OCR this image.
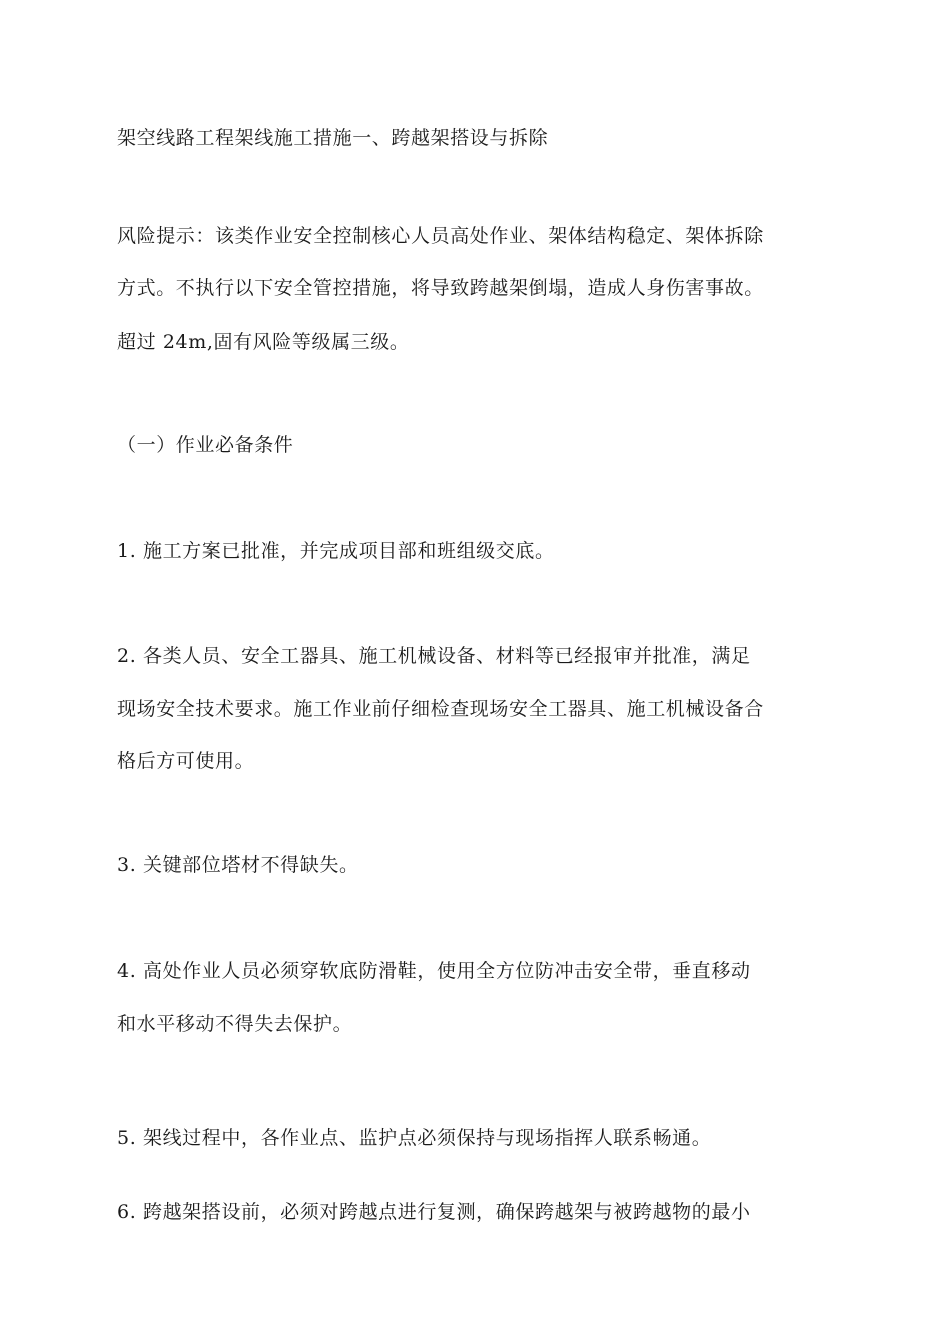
架空线路工程架线施工措施一、跨越架搭设与拆除
风险提示：该类作业安全控制核心人员高处作业、架体结构稳定、架体拆除
方式。不执行以下安全管控措施，将导致跨越架倒塌，造成人身伤害事故。
超过 24m,固有风险等级属三级。
（一）作业必备条件
1. 施工方案已批准，并完成项目部和班组级交底。
2. 各类人员、安全工器具、施工机械设备、材料等已经报审并批准，满足
现场安全技术要求。施工作业前仔细检查现场安全工器具、施工机械设备合
格后方可使用。
3. 关键部位塔材不得缺失。
4. 高处作业人员必须穿软底防滑鞋，使用全方位防冲击安全带，垂直移动
和水平移动不得失去保护。
5. 架线过程中，各作业点、监护点必须保持与现场指挥人联系畅通。
6. 跨越架搭设前，必须对跨越点进行复测，确保跨越架与被跨越物的最小
